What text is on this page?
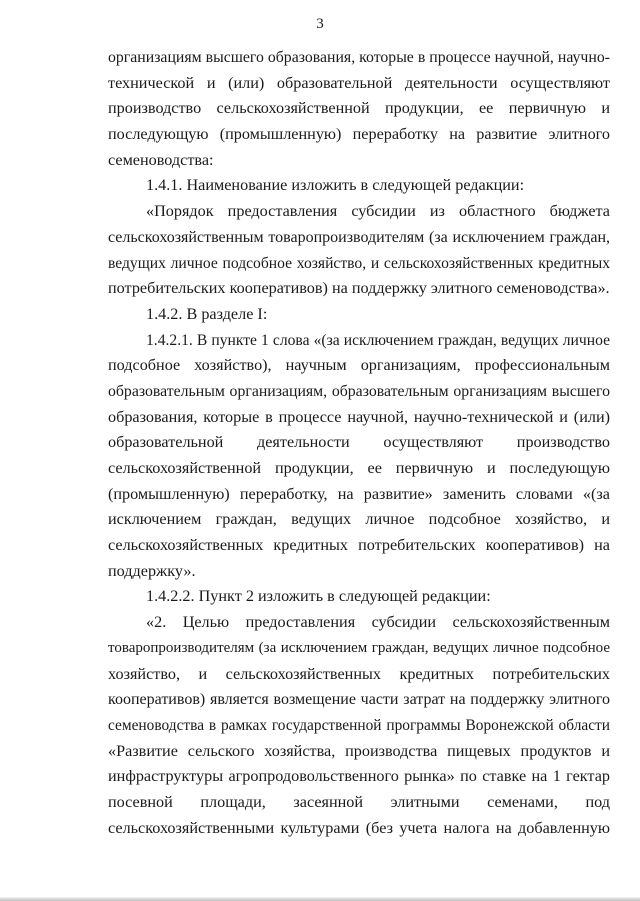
3
организациям высшего образования, которые в процессе научной, научно-
технической и (или) образовательной деятельности осуществляют
производство сельскохозяйственной продукции, ее первичную и
последующую (промышленную) переработку на развитие элитного
семеноводства:
1.4.1. Наименование изложить в следующей редакции:
«Порядок предоставления субсидии из областного бюджета
сельскохозяйственным товаропроизводителям (за исключением граждан,
ведущих личное подсобное хозяйство, и сельскохозяйственных кредитных
потребительских кооперативов) на поддержку элитного семеноводства».
1.4.2. В разделе I:
1.4.2.1. В пункте 1 слова «(за исключением граждан, ведущих личное
подсобное хозяйство), научным организациям, профессиональным
образовательным организациям, образовательным организациям высшего
образования, которые в процессе научной, научно-технической и (или)
образовательной деятельности осуществляют производство
сельскохозяйственной продукции, ее первичную и последующую
(промышленную) переработку, на развитие» заменить словами «(за
исключением граждан, ведущих личное подсобное хозяйство, и
сельскохозяйственных кредитных потребительских кооперативов) на
поддержку».
1.4.2.2. Пункт 2 изложить в следующей редакции:
«2. Целью предоставления субсидии сельскохозяйственным
товаропроизводителям (за исключением граждан, ведущих личное подсобное
хозяйство, и сельскохозяйственных кредитных потребительских
кооперативов) является возмещение части затрат на поддержку элитного
семеноводства в рамках государственной программы Воронежской области
«Развитие сельского хозяйства, производства пищевых продуктов и
инфраструктуры агропродовольственного рынка» по ставке на 1 гектар
посевной площади, засеянной элитными семенами, под
сельскохозяйственными культурами (без учета налога на добавленную
